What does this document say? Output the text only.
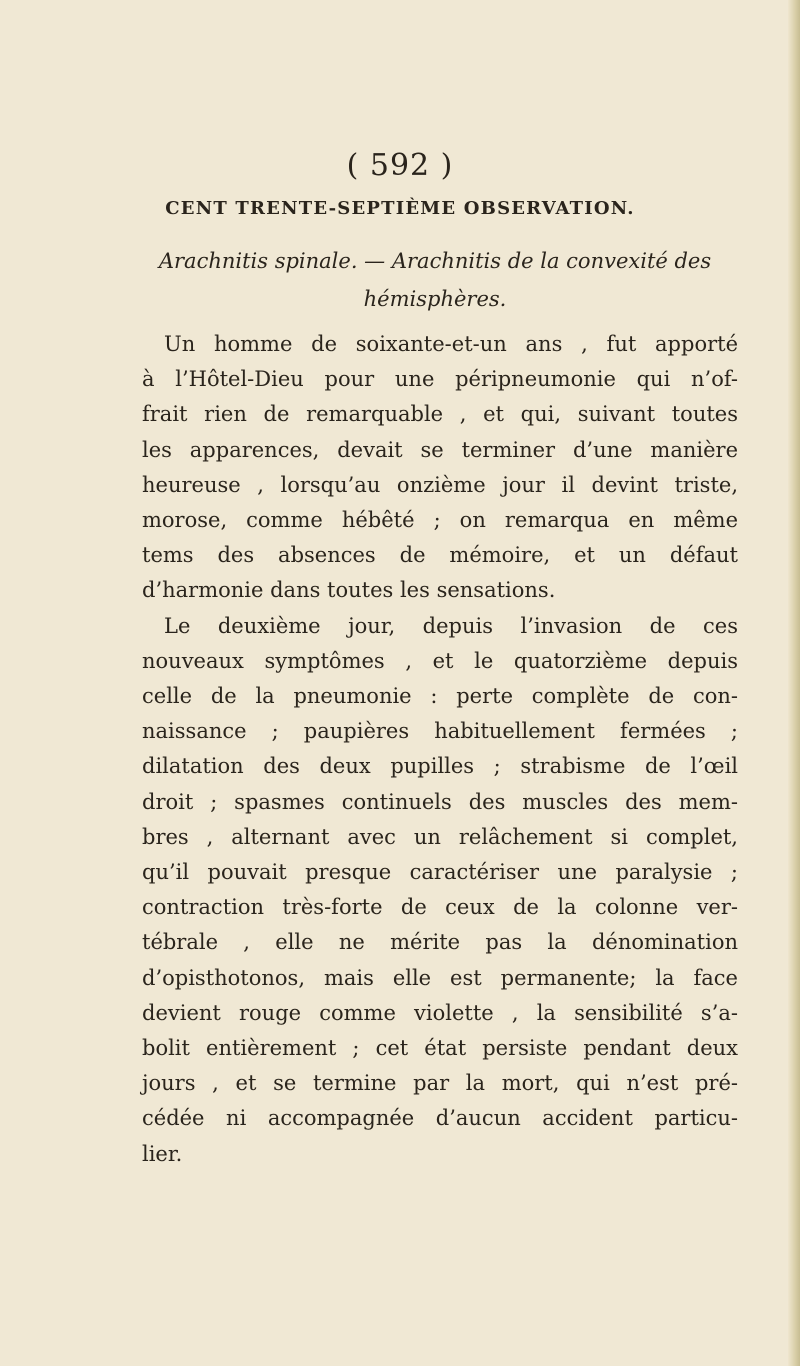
( 592 )
CENT TRENTE-SEPTIÈME OBSERVATION.
Arachnitis spinale. — Arachnitis de la convexité des hémisphères.
Un homme de soixante-et-un ans , fut apporté
à l’Hôtel-Dieu pour une péripneumonie qui n’of-
frait rien de remarquable , et qui, suivant toutes
les apparences, devait se terminer d’une manière
heureuse , lorsqu’au onzième jour il devint triste,
morose, comme hébêté ; on remarqua en même
tems des absences de mémoire, et un défaut
d’harmonie dans toutes les sensations.
Le deuxième jour, depuis l’invasion de ces
nouveaux symptômes , et le quatorzième depuis
celle de la pneumonie : perte complète de con-
naissance ; paupières habituellement fermées ;
dilatation des deux pupilles ; strabisme de l’œil
droit ; spasmes continuels des muscles des mem-
bres , alternant avec un relâchement si complet,
qu’il pouvait presque caractériser une paralysie ;
contraction très-forte de ceux de la colonne ver-
tébrale , elle ne mérite pas la dénomination
d’opisthotonos, mais elle est permanente; la face
devient rouge comme violette , la sensibilité s’a-
bolit entièrement ; cet état persiste pendant deux
jours , et se termine par la mort, qui n’est pré-
cédée ni accompagnée d’aucun accident particu-
lier.
